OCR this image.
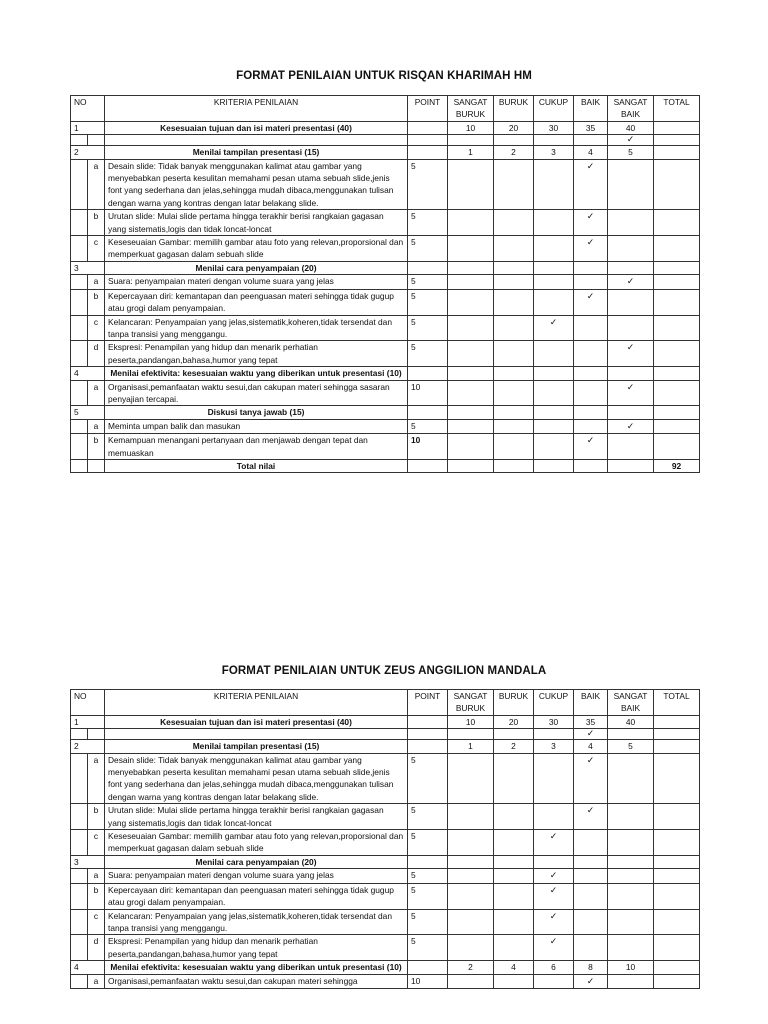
FORMAT PENILAIAN UNTUK RISQAN KHARIMAH HM
NO		KRITERIA PENILAIAN	POINT	SANGAT BURUK	BURUK	CUKUP	BAIK	SANGAT BAIK	TOTAL
1		Kesesuaian tujuan dan isi materi presentasi (40)		10	20	30	35	40	
								✓	
2		Menilai tampilan presentasi (15)		1	2	3	4	5	
	a	Desain slide: Tidak banyak menggunakan kalimat atau gambar yang menyebabkan peserta kesulitan memahami pesan utama sebuah slide,jenis font yang sederhana dan jelas,sehingga mudah dibaca,menggunakan tulisan dengan warna yang kontras dengan latar belakang slide.	5				✓		
	b	Urutan slide: Mulai slide pertama hingga terakhir berisi rangkaian gagasan yang sistematis,logis dan tidak loncat-loncat	5				✓		
	c	Keseseuaian Gambar: memilih gambar atau foto yang relevan,proporsional dan memperkuat gagasan dalam sebuah slide	5				✓		
3		Menilai cara penyampaian (20)							
	a	Suara: penyampaian materi dengan volume suara yang jelas	5					✓	
	b	Kepercayaan diri: kemantapan dan peenguasan materi sehingga tidak gugup atau grogi dalam penyampaian.	5				✓		
	c	Kelancaran: Penyampaian yang jelas,sistematik,koheren,tidak tersendat dan tanpa transisi yang menggangu.	5			✓			
	d	Ekspresi: Penampilan yang hidup dan menarik perhatian peserta,pandangan,bahasa,humor yang tepat	5					✓	
4		Menilai efektivita: kesesuaian waktu yang diberikan untuk presentasi (10)							
	a	Organisasi,pemanfaatan waktu sesui,dan cakupan materi sehingga sasaran penyajian tercapai.	10					✓	
5		Diskusi tanya jawab (15)							
	a	Meminta umpan balik dan masukan	5					✓	
	b	Kemampuan menangani pertanyaan dan menjawab dengan tepat dan memuaskan	10				✓		
		Total nilai							92
FORMAT PENILAIAN UNTUK ZEUS ANGGILION MANDALA
NO		KRITERIA PENILAIAN	POINT	SANGAT BURUK	BURUK	CUKUP	BAIK	SANGAT BAIK	TOTAL
1		Kesesuaian tujuan dan isi materi presentasi (40)		10	20	30	35	40	
							✓		
2		Menilai tampilan presentasi (15)		1	2	3	4	5	
	a	Desain slide: Tidak banyak menggunakan kalimat atau gambar yang menyebabkan peserta kesulitan memahami pesan utama sebuah slide,jenis font yang sederhana dan jelas,sehingga mudah dibaca,menggunakan tulisan dengan warna yang kontras dengan latar belakang slide.	5				✓		
	b	Urutan slide: Mulai slide pertama hingga terakhir berisi rangkaian gagasan yang sistematis,logis dan tidak loncat-loncat	5				✓		
	c	Keseseuaian Gambar: memilih gambar atau foto yang relevan,proporsional dan memperkuat gagasan dalam sebuah slide	5			✓			
3		Menilai cara penyampaian (20)							
	a	Suara: penyampaian materi dengan volume suara yang jelas	5			✓			
	b	Kepercayaan diri: kemantapan dan peenguasan materi sehingga tidak gugup atau grogi dalam penyampaian.	5			✓			
	c	Kelancaran: Penyampaian yang jelas,sistematik,koheren,tidak tersendat dan tanpa transisi yang menggangu.	5			✓			
	d	Ekspresi: Penampilan yang hidup dan menarik perhatian peserta,pandangan,bahasa,humor yang tepat	5			✓			
4		Menilai efektivita: kesesuaian waktu yang diberikan untuk presentasi (10)		2	4	6	8	10	
	a	Organisasi,pemanfaatan waktu sesui,dan cakupan materi sehingga	10				✓		
